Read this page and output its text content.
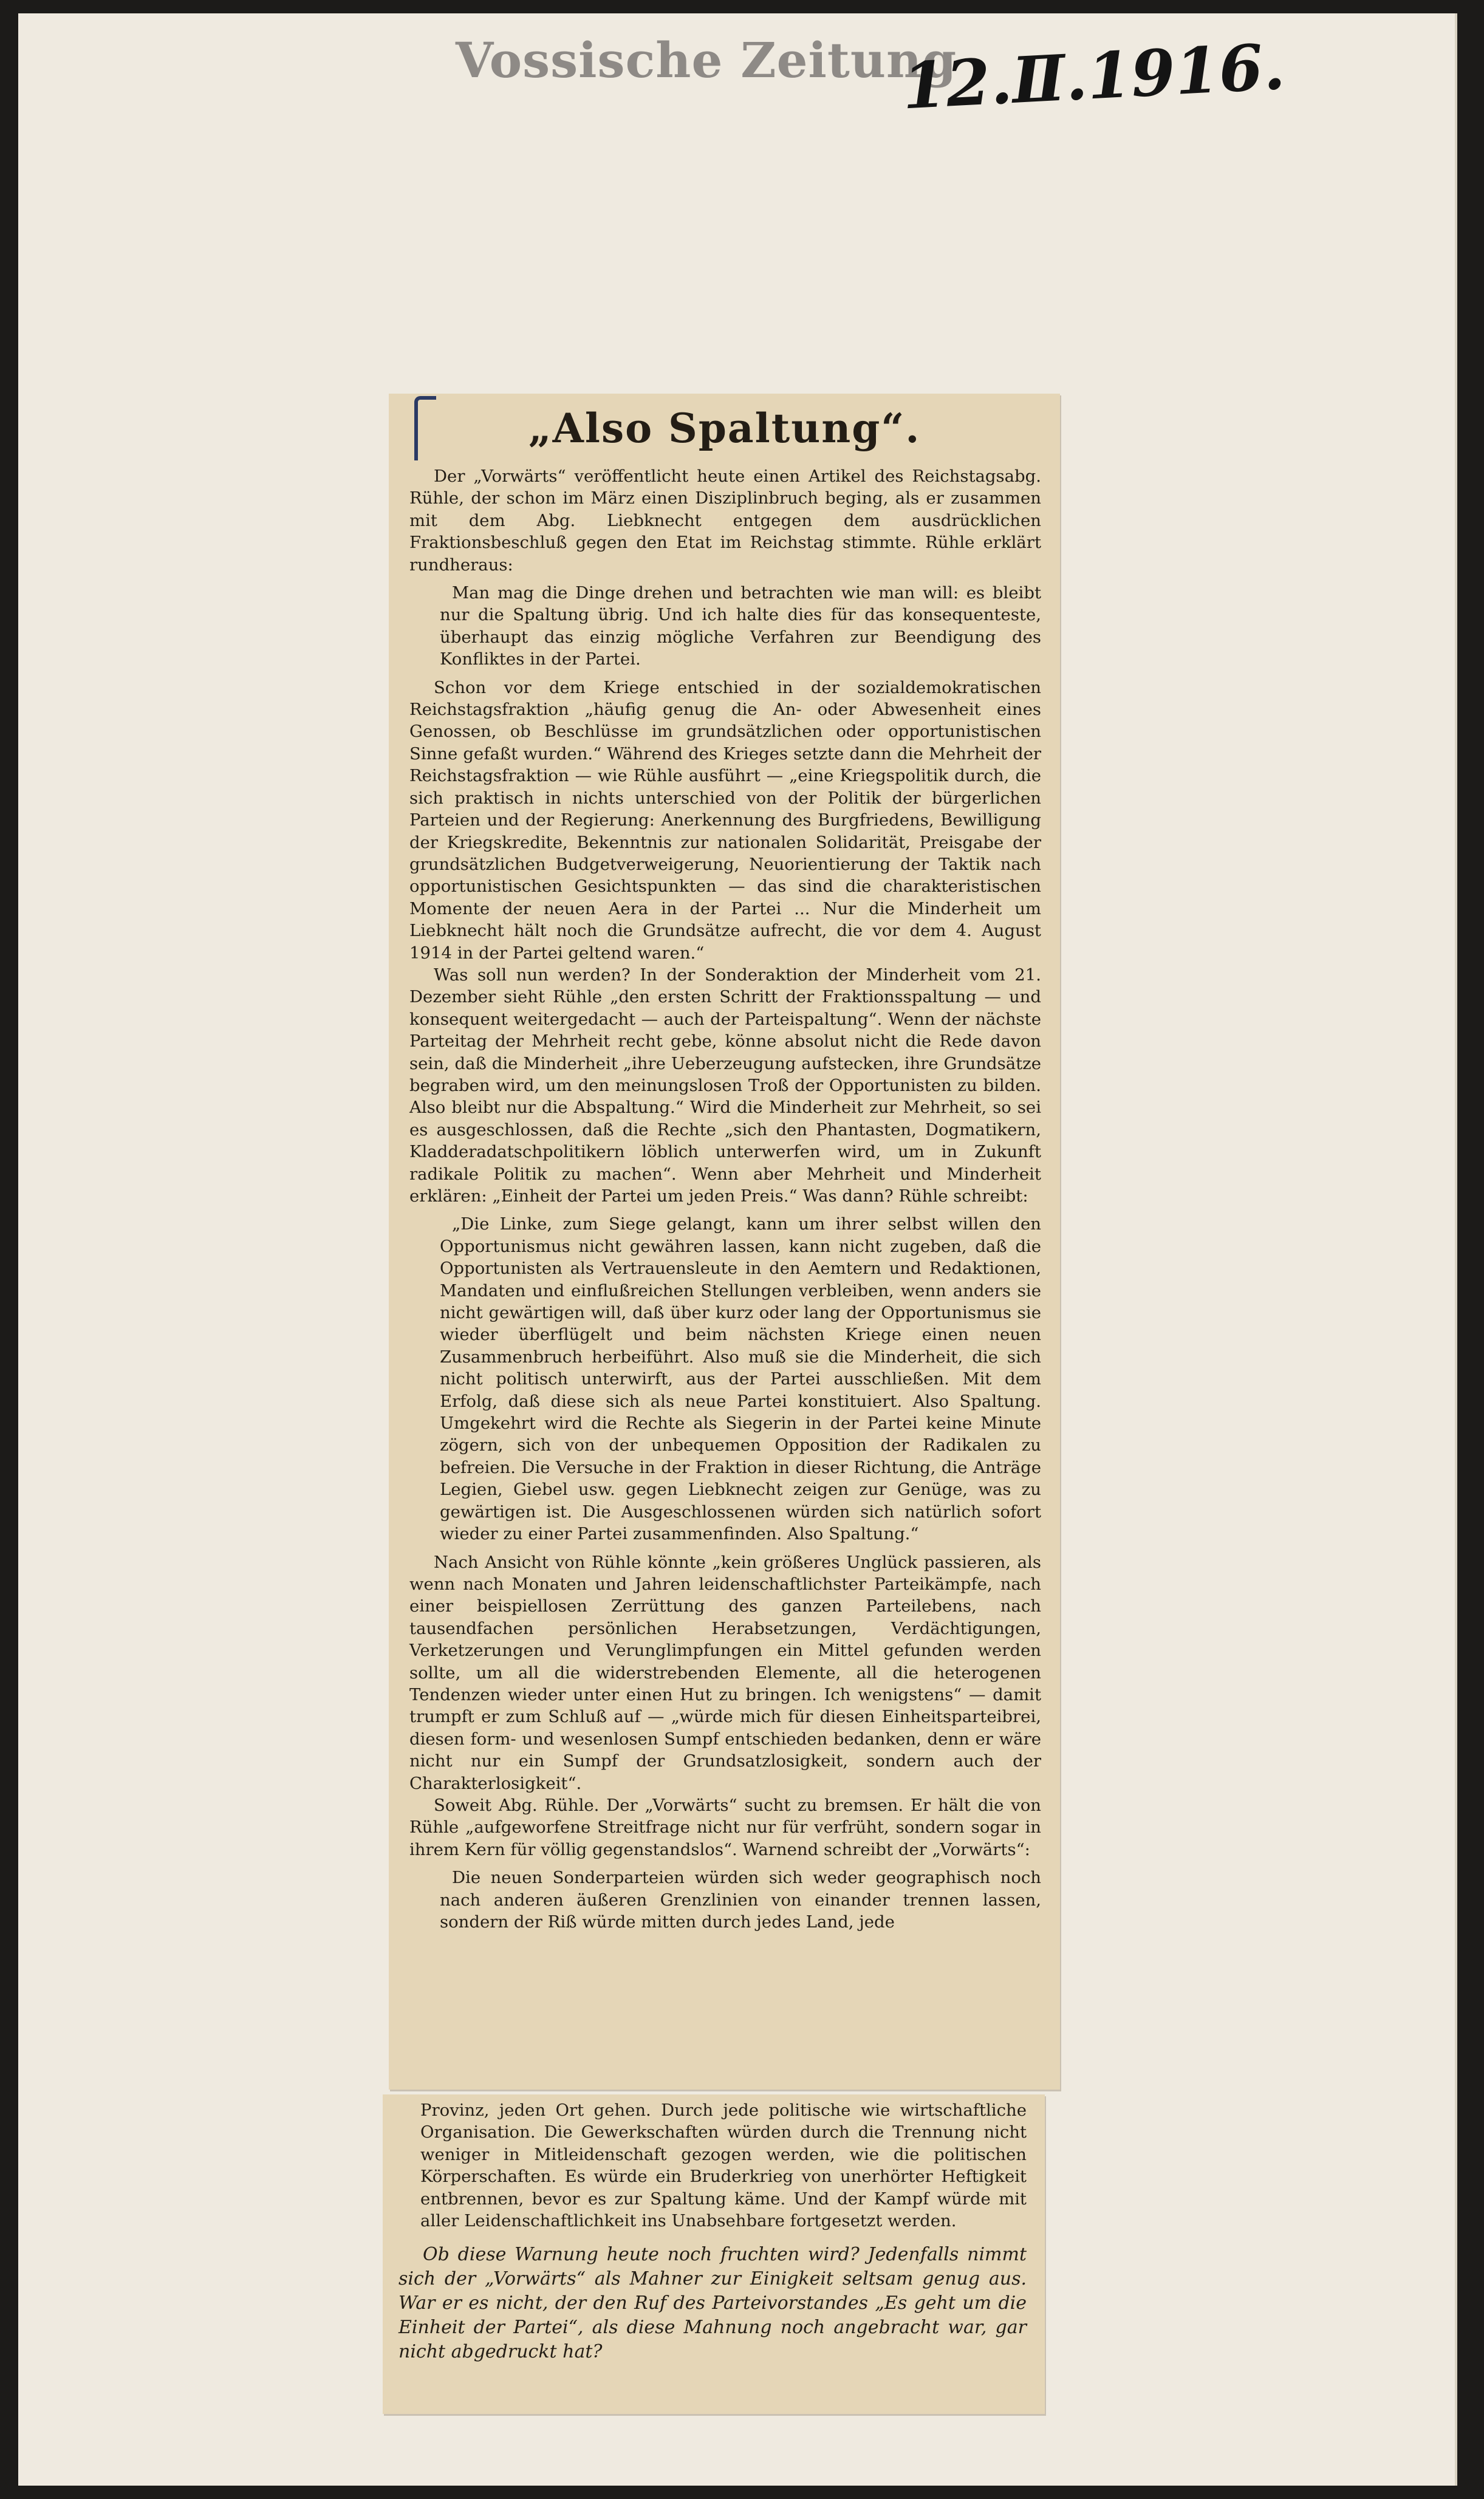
Vossische Zeitung
12.Ⅱ.1916.
„Also Spaltung“.

Der „Vorwärts“ veröffentlicht heute einen Artikel des Reichstagsabg. Rühle, der schon im März einen Disziplinbruch beging, als er zusammen mit dem Abg. Liebknecht entgegen dem ausdrücklichen Fraktionsbeschluß gegen den Etat im Reichstag stimmte. Rühle erklärt rundheraus:

Man mag die Dinge drehen und betrachten wie man will: es bleibt nur die Spaltung übrig. Und ich halte dies für das konsequenteste, überhaupt das einzig mögliche Verfahren zur Beendigung des Konfliktes in der Partei.

Schon vor dem Kriege entschied in der sozialdemokratischen Reichstagsfraktion „häufig genug die An- oder Abwesenheit eines Genossen, ob Beschlüsse im grundsätzlichen oder opportunistischen Sinne gefaßt wurden.“ Während des Krieges setzte dann die Mehrheit der Reichstagsfraktion — wie Rühle ausführt — „eine Kriegspolitik durch, die sich praktisch in nichts unterschied von der Politik der bürgerlichen Parteien und der Regierung: Anerkennung des Burgfriedens, Bewilligung der Kriegskredite, Bekenntnis zur nationalen Solidarität, Preisgabe der grundsätzlichen Budgetverweigerung, Neuorientierung der Taktik nach opportunistischen Gesichtspunkten — das sind die charakteristischen Momente der neuen Aera in der Partei ... Nur die Minderheit um Liebknecht hält noch die Grundsätze aufrecht, die vor dem 4. August 1914 in der Partei geltend waren.“

Was soll nun werden? In der Sonderaktion der Minderheit vom 21. Dezember sieht Rühle „den ersten Schritt der Fraktionsspaltung — und konsequent weitergedacht — auch der Parteispaltung“. Wenn der nächste Parteitag der Mehrheit recht gebe, könne absolut nicht die Rede davon sein, daß die Minderheit „ihre Ueberzeugung aufstecken, ihre Grundsätze begraben wird, um den meinungslosen Troß der Opportunisten zu bilden. Also bleibt nur die Abspaltung.“ Wird die Minderheit zur Mehrheit, so sei es ausgeschlossen, daß die Rechte „sich den Phantasten, Dogmatikern, Kladderadatschpolitikern löblich unterwerfen wird, um in Zukunft radikale Politik zu machen“. Wenn aber Mehrheit und Minderheit erklären: „Einheit der Partei um jeden Preis.“ Was dann? Rühle schreibt:

„Die Linke, zum Siege gelangt, kann um ihrer selbst willen den Opportunismus nicht gewähren lassen, kann nicht zugeben, daß die Opportunisten als Vertrauensleute in den Aemtern und Redaktionen, Mandaten und einflußreichen Stellungen verbleiben, wenn anders sie nicht gewärtigen will, daß über kurz oder lang der Opportunismus sie wieder überflügelt und beim nächsten Kriege einen neuen Zusammenbruch herbeiführt. Also muß sie die Minderheit, die sich nicht politisch unterwirft, aus der Partei ausschließen. Mit dem Erfolg, daß diese sich als neue Partei konstituiert. Also Spaltung. Umgekehrt wird die Rechte als Siegerin in der Partei keine Minute zögern, sich von der unbequemen Opposition der Radikalen zu befreien. Die Versuche in der Fraktion in dieser Richtung, die Anträge Legien, Giebel usw. gegen Liebknecht zeigen zur Genüge, was zu gewärtigen ist. Die Ausgeschlossenen würden sich natürlich sofort wieder zu einer Partei zusammenfinden. Also Spaltung.“

Nach Ansicht von Rühle könnte „kein größeres Unglück passieren, als wenn nach Monaten und Jahren leidenschaftlichster Parteikämpfe, nach einer beispiellosen Zerrüttung des ganzen Parteilebens, nach tausendfachen persönlichen Herabsetzungen, Verdächtigungen, Verketzerungen und Verunglimpfungen ein Mittel gefunden werden sollte, um all die widerstrebenden Elemente, all die heterogenen Tendenzen wieder unter einen Hut zu bringen. Ich wenigstens“ — damit trumpft er zum Schluß auf — „würde mich für diesen Einheitsparteibrei, diesen form- und wesenlosen Sumpf entschieden bedanken, denn er wäre nicht nur ein Sumpf der Grundsatzlosigkeit, sondern auch der Charakterlosigkeit“.

Soweit Abg. Rühle. Der „Vorwärts“ sucht zu bremsen. Er hält die von Rühle „aufgeworfene Streitfrage nicht nur für verfrüht, sondern sogar in ihrem Kern für völlig gegenstandslos“. Warnend schreibt der „Vorwärts“:

Die neuen Sonderparteien würden sich weder geographisch noch nach anderen äußeren Grenzlinien von einander trennen lassen, sondern der Riß würde mitten durch jedes Land, jede

Provinz, jeden Ort gehen. Durch jede politische wie wirtschaftliche Organisation. Die Gewerkschaften würden durch die Trennung nicht weniger in Mitleidenschaft gezogen werden, wie die politischen Körperschaften. Es würde ein Bruderkrieg von unerhörter Heftigkeit entbrennen, bevor es zur Spaltung käme. Und der Kampf würde mit aller Leidenschaftlichkeit ins Unabsehbare fortgesetzt werden.

Ob diese Warnung heute noch fruchten wird? Jedenfalls nimmt sich der „Vorwärts“ als Mahner zur Einigkeit seltsam genug aus. War er es nicht, der den Ruf des Parteivorstandes „Es geht um die Einheit der Partei“, als diese Mahnung noch angebracht war, gar nicht abgedruckt hat?
